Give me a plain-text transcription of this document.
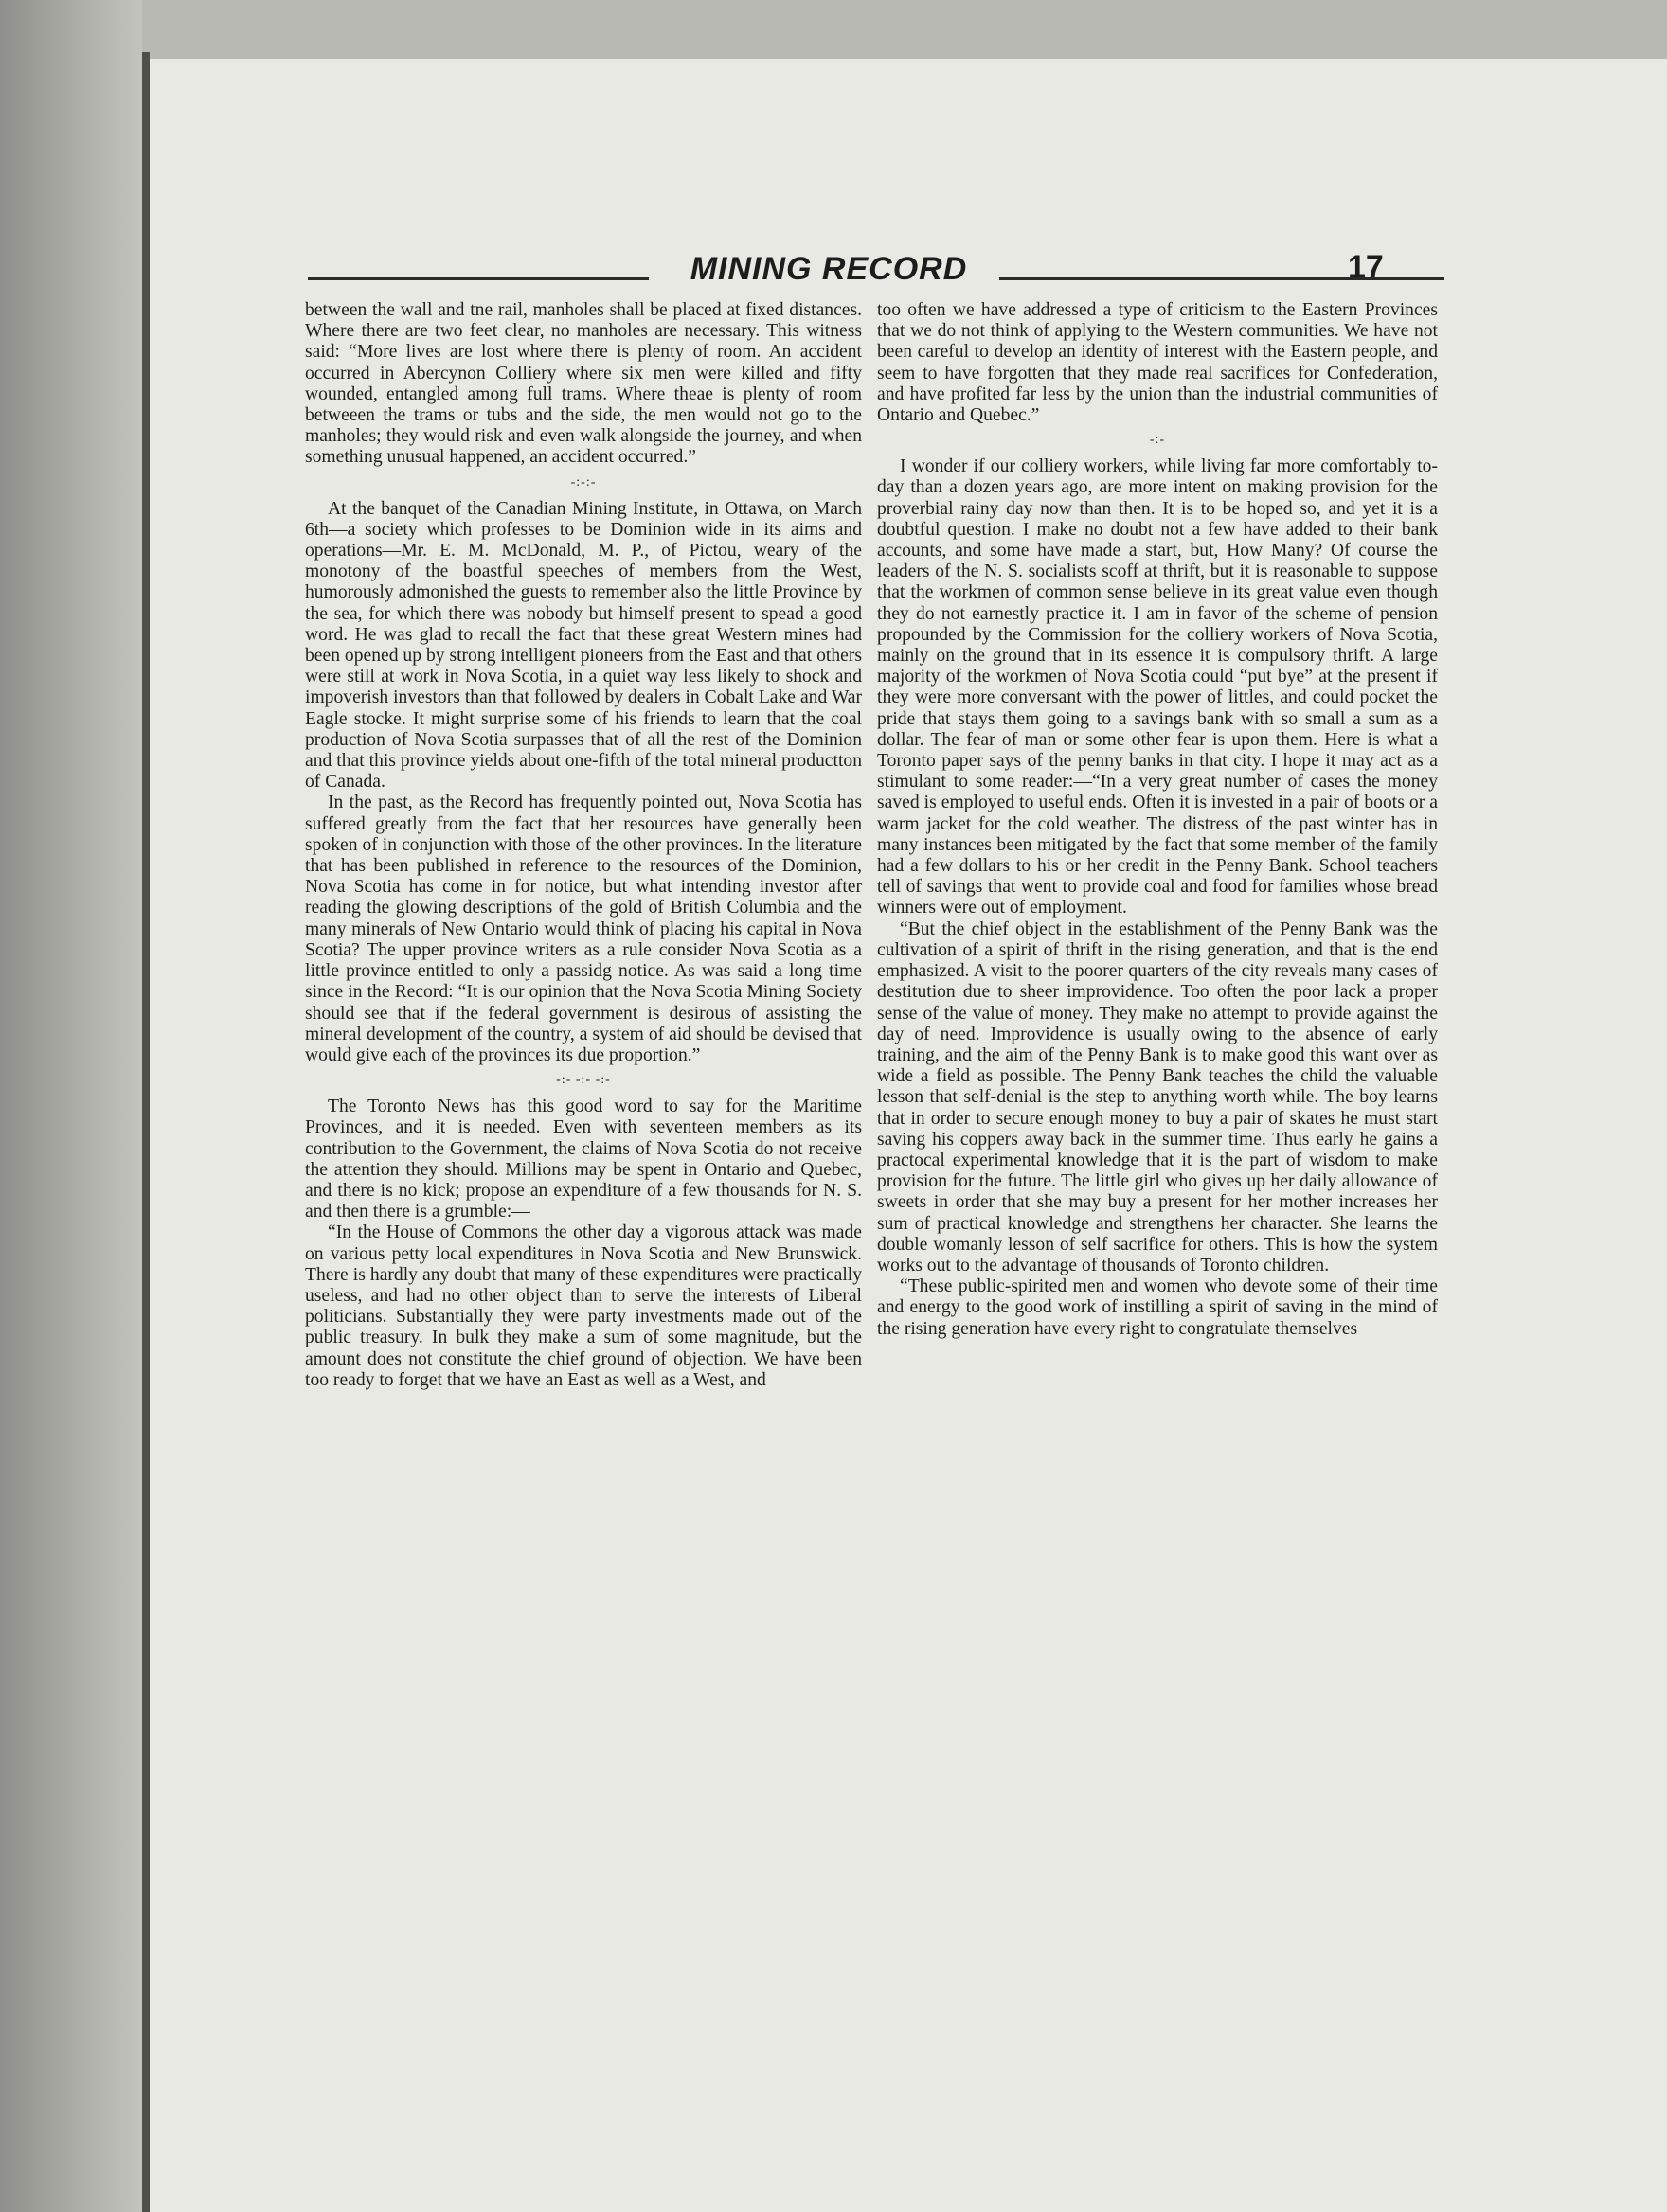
MINING RECORD	17

between the wall and tne rail, manholes shall be placed at fixed distances. Where there are two feet clear, no manholes are necessary. This witness said: “More lives are lost where there is plenty of room. An accident occurred in Abercynon Colliery where six men were killed and fifty wounded, entangled among full trams. Where theae is plenty of room betweeen the trams or tubs and the side, the men would not go to the manholes; they would risk and even walk alongside the journey, and when something unusual happened, an accident occurred.”

-:-:-

At the banquet of the Canadian Mining Institute, in Ottawa, on March 6th—a society which professes to be Dominion wide in its aims and operations—Mr. E. M. McDonald, M. P., of Pictou, weary of the monotony of the boastful speeches of members from the West, humorously admonished the guests to remember also the little Province by the sea, for which there was nobody but himself present to spead a good word. He was glad to recall the fact that these great Western mines had been opened up by strong intelligent pioneers from the East and that others were still at work in Nova Scotia, in a quiet way less likely to shock and impoverish investors than that followed by dealers in Cobalt Lake and War Eagle stocke. It might surprise some of his friends to learn that the coal production of Nova Scotia surpasses that of all the rest of the Dominion and that this province yields about one-fifth of the total mineral productton of Canada.

In the past, as the Record has frequently pointed out, Nova Scotia has suffered greatly from the fact that her resources have generally been spoken of in conjunction with those of the other provinces. In the literature that has been published in reference to the resources of the Dominion, Nova Scotia has come in for notice, but what intending investor after reading the glowing descriptions of the gold of British Columbia and the many minerals of New Ontario would think of placing his capital in Nova Scotia? The upper province writers as a rule consider Nova Scotia as a little province entitled to only a passidg notice. As was said a long time since in the Record: “It is our opinion that the Nova Scotia Mining Society should see that if the federal government is desirous of assisting the mineral development of the country, a system of aid should be devised that would give each of the provinces its due proportion.”

-:- -:- -:-

The Toronto News has this good word to say for the Maritime Provinces, and it is needed. Even with seventeen members as its contribution to the Government, the claims of Nova Scotia do not receive the attention they should. Millions may be spent in Ontario and Quebec, and there is no kick; propose an expenditure of a few thousands for N. S. and then there is a grumble:—

“In the House of Commons the other day a vigorous attack was made on various petty local expenditures in Nova Scotia and New Brunswick. There is hardly any doubt that many of these expenditures were practically useless, and had no other object than to serve the interests of Liberal politicians. Substantially they were party investments made out of the public treasury. In bulk they make a sum of some magnitude, but the amount does not constitute the chief ground of objection. We have been too ready to forget that we have an East as well as a West, and

too often we have addressed a type of criticism to the Eastern Provinces that we do not think of applying to the Western communities. We have not been careful to develop an identity of interest with the Eastern people, and seem to have forgotten that they made real sacrifices for Confederation, and have profited far less by the union than the industrial communities of Ontario and Quebec.”

-:-

I wonder if our colliery workers, while living far more comfortably to-day than a dozen years ago, are more intent on making provision for the proverbial rainy day now than then. It is to be hoped so, and yet it is a doubtful question. I make no doubt not a few have added to their bank accounts, and some have made a start, but, How Many? Of course the leaders of the N. S. socialists scoff at thrift, but it is reasonable to suppose that the workmen of common sense believe in its great value even though they do not earnestly practice it. I am in favor of the scheme of pension propounded by the Commission for the colliery workers of Nova Scotia, mainly on the ground that in its essence it is compulsory thrift. A large majority of the workmen of Nova Scotia could “put bye” at the present if they were more conversant with the power of littles, and could pocket the pride that stays them going to a savings bank with so small a sum as a dollar. The fear of man or some other fear is upon them. Here is what a Toronto paper says of the penny banks in that city. I hope it may act as a stimulant to some reader:—“In a very great number of cases the money saved is employed to useful ends. Often it is invested in a pair of boots or a warm jacket for the cold weather. The distress of the past winter has in many instances been mitigated by the fact that some member of the family had a few dollars to his or her credit in the Penny Bank. School teachers tell of savings that went to provide coal and food for families whose bread winners were out of employment.

“But the chief object in the establishment of the Penny Bank was the cultivation of a spirit of thrift in the rising generation, and that is the end emphasized. A visit to the poorer quarters of the city reveals many cases of destitution due to sheer improvidence. Too often the poor lack a proper sense of the value of money. They make no attempt to provide against the day of need. Improvidence is usually owing to the absence of early training, and the aim of the Penny Bank is to make good this want over as wide a field as possible. The Penny Bank teaches the child the valuable lesson that self-denial is the step to anything worth while. The boy learns that in order to secure enough money to buy a pair of skates he must start saving his coppers away back in the summer time. Thus early he gains a practocal experimental knowledge that it is the part of wisdom to make provision for the future. The little girl who gives up her daily allowance of sweets in order that she may buy a present for her mother increases her sum of practical knowledge and strengthens her character. She learns the double womanly lesson of self sacrifice for others. This is how the system works out to the advantage of thousands of Toronto children.

“These public-spirited men and women who devote some of their time and energy to the good work of instilling a spirit of saving in the mind of the rising generation have every right to congratulate themselves
